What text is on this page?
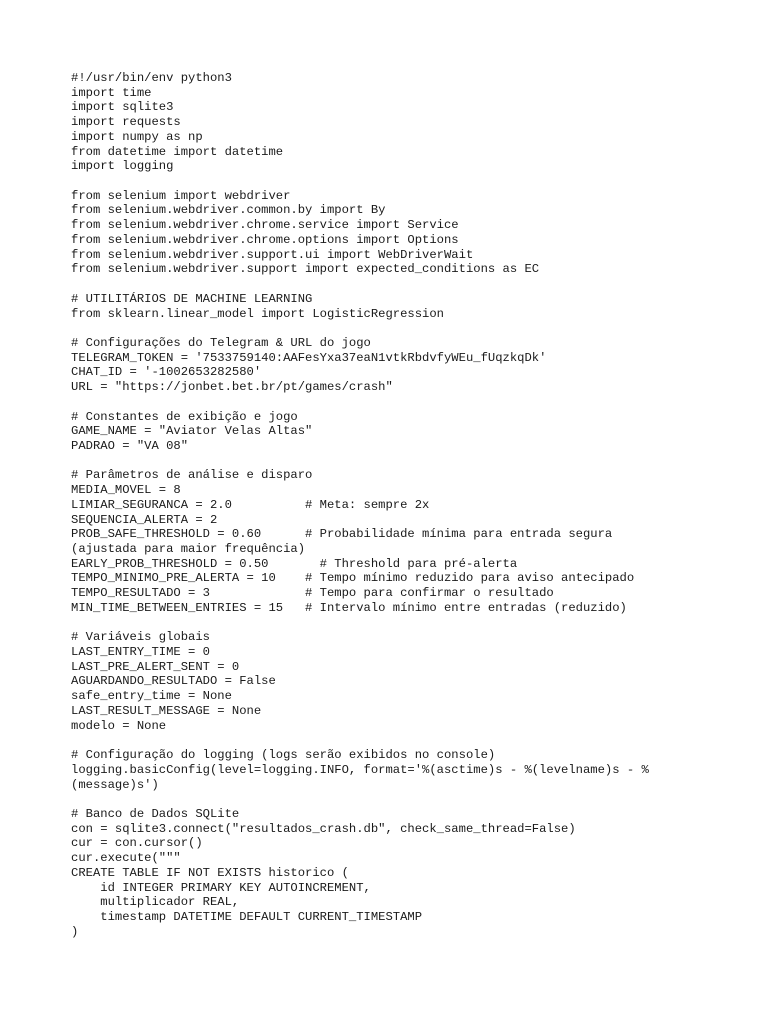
#!/usr/bin/env python3
import time
import sqlite3
import requests
import numpy as np
from datetime import datetime
import logging
from selenium import webdriver
from selenium.webdriver.common.by import By
from selenium.webdriver.chrome.service import Service
from selenium.webdriver.chrome.options import Options
from selenium.webdriver.support.ui import WebDriverWait
from selenium.webdriver.support import expected_conditions as EC
# UTILITÁRIOS DE MACHINE LEARNING
from sklearn.linear_model import LogisticRegression
# Configurações do Telegram & URL do jogo
TELEGRAM_TOKEN = '7533759140:AAFesYxa37eaN1vtkRbdvfyWEu_fUqzkqDk'
CHAT_ID = '-1002653282580'
URL = "https://jonbet.bet.br/pt/games/crash"
# Constantes de exibição e jogo
GAME_NAME = "Aviator Velas Altas"
PADRAO = "VA 08"
# Parâmetros de análise e disparo
MEDIA_MOVEL = 8
LIMIAR_SEGURANCA = 2.0          # Meta: sempre 2x
SEQUENCIA_ALERTA = 2
PROB_SAFE_THRESHOLD = 0.60      # Probabilidade mínima para entrada segura
(ajustada para maior frequência)
EARLY_PROB_THRESHOLD = 0.50       # Threshold para pré-alerta
TEMPO_MINIMO_PRE_ALERTA = 10    # Tempo mínimo reduzido para aviso antecipado
TEMPO_RESULTADO = 3             # Tempo para confirmar o resultado
MIN_TIME_BETWEEN_ENTRIES = 15   # Intervalo mínimo entre entradas (reduzido)
# Variáveis globais
LAST_ENTRY_TIME = 0
LAST_PRE_ALERT_SENT = 0
AGUARDANDO_RESULTADO = False
safe_entry_time = None
LAST_RESULT_MESSAGE = None
modelo = None
# Configuração do logging (logs serão exibidos no console)
logging.basicConfig(level=logging.INFO, format='%(asctime)s - %(levelname)s - %
(message)s')
# Banco de Dados SQLite
con = sqlite3.connect("resultados_crash.db", check_same_thread=False)
cur = con.cursor()
cur.execute("""
CREATE TABLE IF NOT EXISTS historico (
id INTEGER PRIMARY KEY AUTOINCREMENT,
multiplicador REAL,
timestamp DATETIME DEFAULT CURRENT_TIMESTAMP
)
